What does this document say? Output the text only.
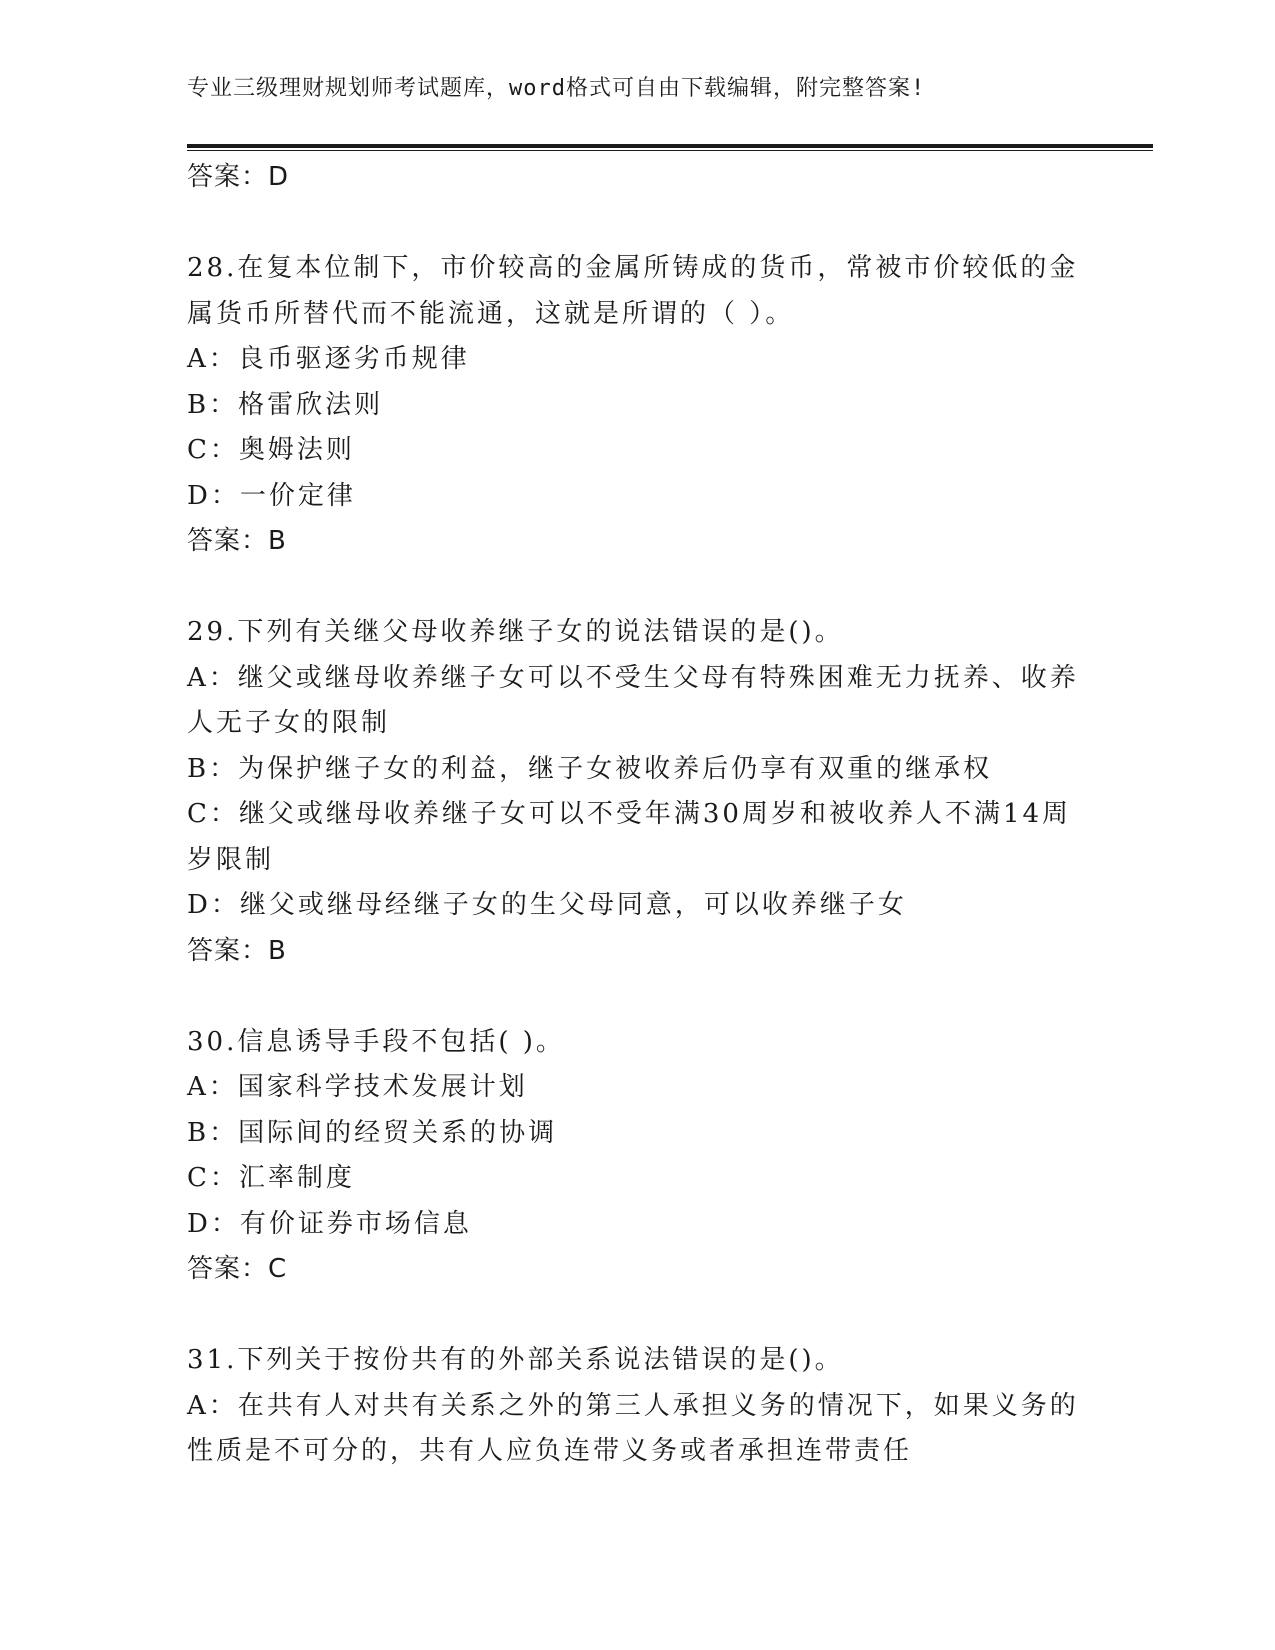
专业三级理财规划师考试题库，word格式可自由下载编辑，附完整答案!
答案：D
28.在复本位制下，市价较高的金属所铸成的货币，常被市价较低的金
属货币所替代而不能流通，这就是所谓的（ ）。
A：良币驱逐劣币规律
B：格雷欣法则
C：奥姆法则
D：一价定律
答案：B
29.下列有关继父母收养继子女的说法错误的是()。
A：继父或继母收养继子女可以不受生父母有特殊困难无力抚养、收养
人无子女的限制
B：为保护继子女的利益，继子女被收养后仍享有双重的继承权
C：继父或继母收养继子女可以不受年满30周岁和被收养人不满14周
岁限制
D：继父或继母经继子女的生父母同意，可以收养继子女
答案：B
30.信息诱导手段不包括( )。
A：国家科学技术发展计划
B：国际间的经贸关系的协调
C：汇率制度
D：有价证券市场信息
答案：C
31.下列关于按份共有的外部关系说法错误的是()。
A：在共有人对共有关系之外的第三人承担义务的情况下，如果义务的
性质是不可分的，共有人应负连带义务或者承担连带责任
